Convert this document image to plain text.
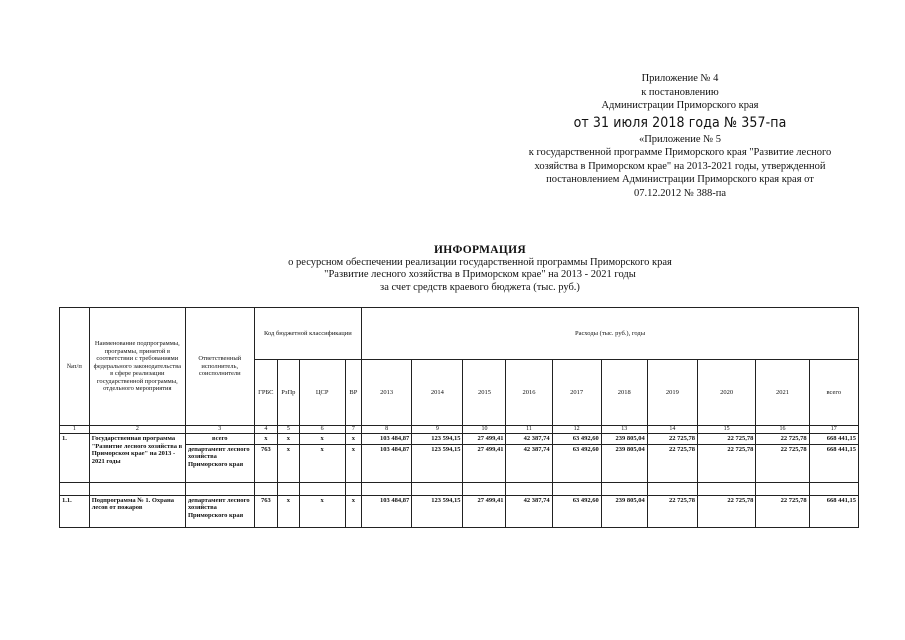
Приложение № 4
к постановлению
Администрации Приморского края
от 31 июля 2018 года № 357-па
«Приложение № 5
к государственной программе Приморского края "Развитие лесного
хозяйства в Приморском крае" на 2013-2021 годы, утвержденной
постановлением Администрации Приморского края края от
07.12.2012 № 388-па
ИНФОРМАЦИЯ
о ресурсном обеспечении реализации государственной программы Приморского края
"Развитие лесного хозяйства в Приморском крае" на 2013 - 2021 годы
за счет средств краевого бюджета (тыс. руб.)
№п/п	Наименование подпрограммы, программы, принятой в соответствии с требованиями федерального законодательства в сфере реализации государственной программы, отдельного мероприятия	Ответственный исполнитель, соисполнители	Код бюджетной классификации				Расходы (тыс. руб.), годы									
			ГРБС	РзПр	ЦСР	ВР	2013	2014	2015	2016	2017	2018	2019	2020	2021	всего
1	2	3	4	5	6	7	8	9	10	11	12	13	14	15	16	17
1.	Государственная программа "Развитие лесного хозяйства в Приморском крае" на 2013 - 2021 годы	всего	x	x	x	x	103 484,87	123 594,15	27 499,41	42 387,74	63 492,60	239 805,04	22 725,78	22 725,78	22 725,78	668 441,15
		департамент лесного хозяйства Приморского края	763	x	x	x	103 484,87	123 594,15	27 499,41	42 387,74	63 492,60	239 805,04	22 725,78	22 725,78	22 725,78	668 441,15

1.1.	Подпрограмма № 1. Охрана лесов от пожаров	департамент лесного хозяйства Приморского края	763	x	x	x	103 484,87	123 594,15	27 499,41	42 387,74	63 492,60	239 805,04	22 725,78	22 725,78	22 725,78	668 441,15
